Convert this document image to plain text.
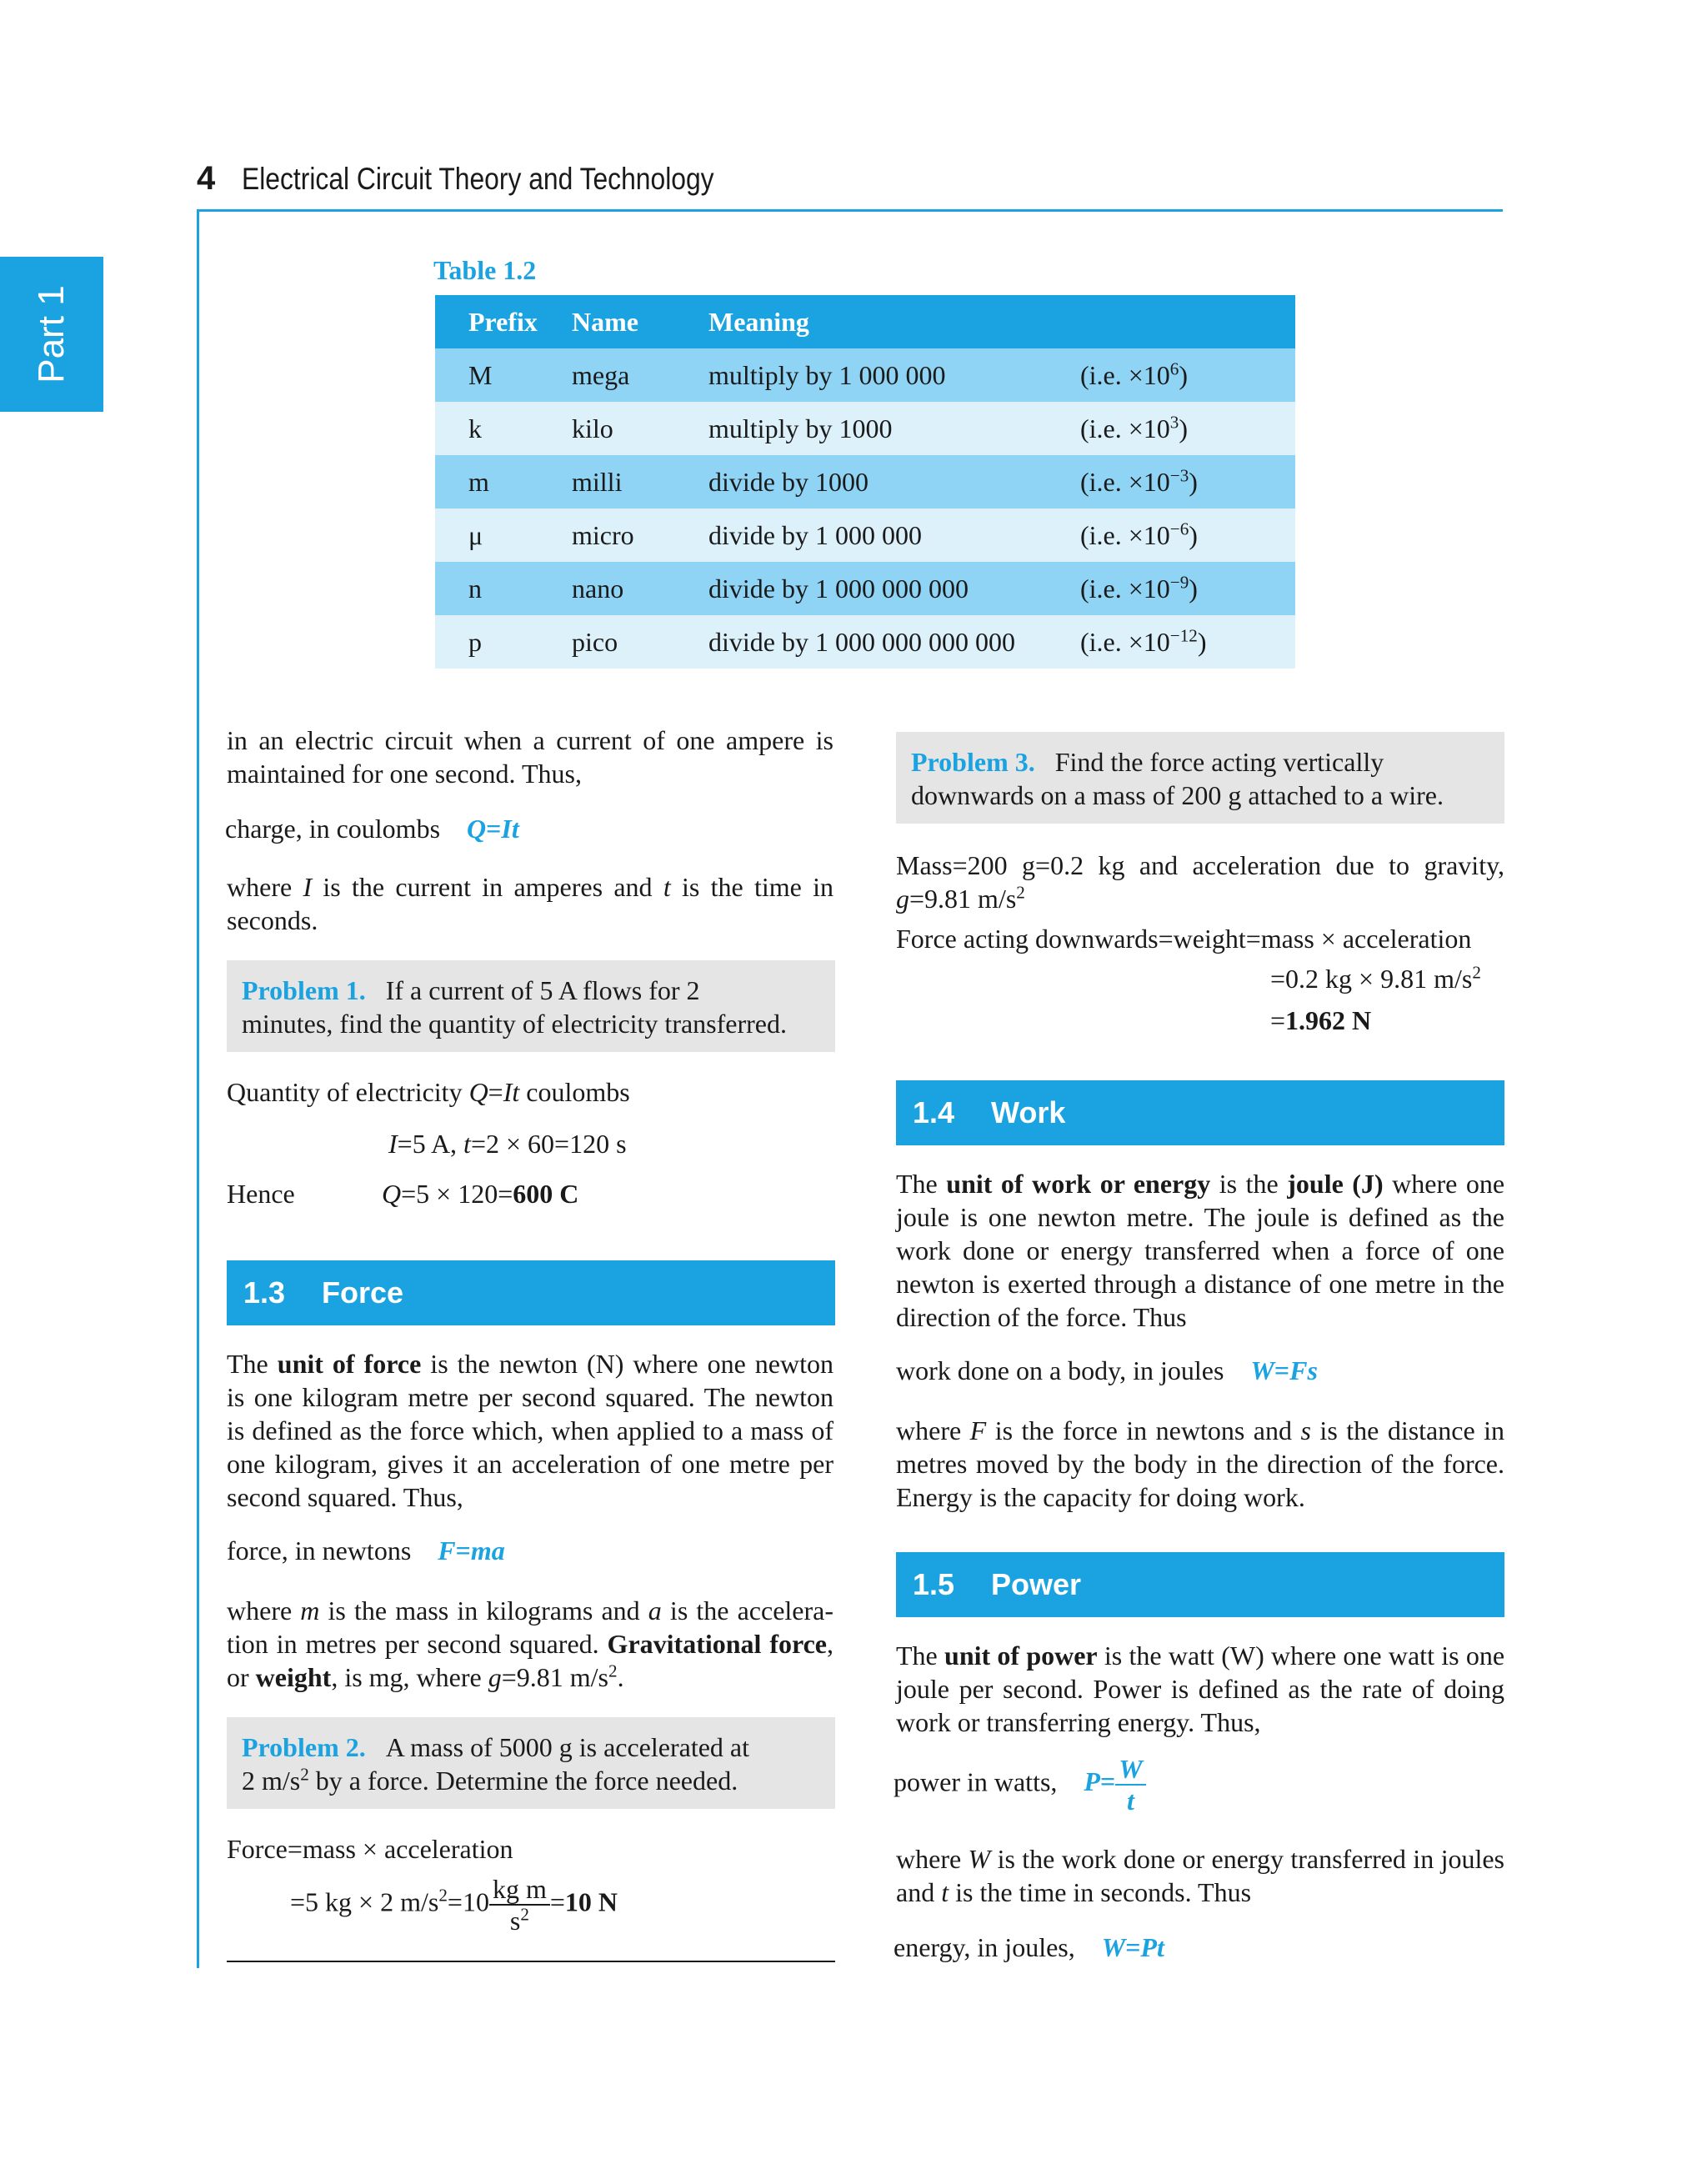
4 Electrical Circuit Theory and Technology
Part 1
Table 1.2
Prefix	Name	Meaning	
M	mega	multiply by 1 000 000	(i.e. $\times 10^6$)
k	kilo	multiply by 1000	(i.e. $\times 10^3$)
m	milli	divide by 1000	(i.e. $\times 10^{-3}$)
μ	micro	divide by 1 000 000	(i.e. $\times 10^{-6}$)
n	nano	divide by 1 000 000 000	(i.e. $\times 10^{-9}$)
p	pico	divide by 1 000 000 000 000	(i.e. $\times 10^{-12}$)
in an electric circuit when a current of one ampere is
maintained for one second. Thus,
charge, in coulombs Q=It
where I is the current in amperes and t is the time in
seconds.
Problem 1. If a current of 5 A flows for 2
minutes, find the quantity of electricity transferred.
Quantity of electricity Q=It coulombs
I=5 A, t=2 × 60=120 s
Hence	Q=5 × 120=600 C
1.3 Force
The unit of force is the newton (N) where one newton
is one kilogram metre per second squared. The newton
is defined as the force which, when applied to a mass of
one kilogram, gives it an acceleration of one metre per
second squared. Thus,
force, in newtons F=ma
where m is the mass in kilograms and a is the accelera-
tion in metres per second squared. Gravitational force,
or weight, is mg, where g=9.81 $m/s^2$.
Problem 2. A mass of 5000 g is accelerated at
2 $m/s^2$ by a force. Determine the force needed.
Force=mass × acceleration
=5 kg × 2 $m/s^2=10 \frac{\text{kg m}}{s^2} =10$ N
Problem 3. Find the force acting vertically
downwards on a mass of 200 g attached to a wire.
Mass=200 g=0.2 kg and acceleration due to gravity,
g=9.81 $m/s^2$
Force acting downwards=weight=mass × acceleration
=0.2 kg × 9.81 $m/s^2$
=1.962 N
1.4 Work
The unit of work or energy is the joule (J) where one
joule is one newton metre. The joule is defined as the
work done or energy transferred when a force of one
newton is exerted through a distance of one metre in the
direction of the force. Thus
work done on a body, in joules W=Fs
where F is the force in newtons and s is the distance in
metres moved by the body in the direction of the force.
Energy is the capacity for doing work.
1.5 Power
The unit of power is the watt (W) where one watt is one
joule per second. Power is defined as the rate of doing
work or transferring energy. Thus,
power in watts, $P= \frac{W}{t}$
where W is the work done or energy transferred in joules
and t is the time in seconds. Thus
energy, in joules, W=Pt
